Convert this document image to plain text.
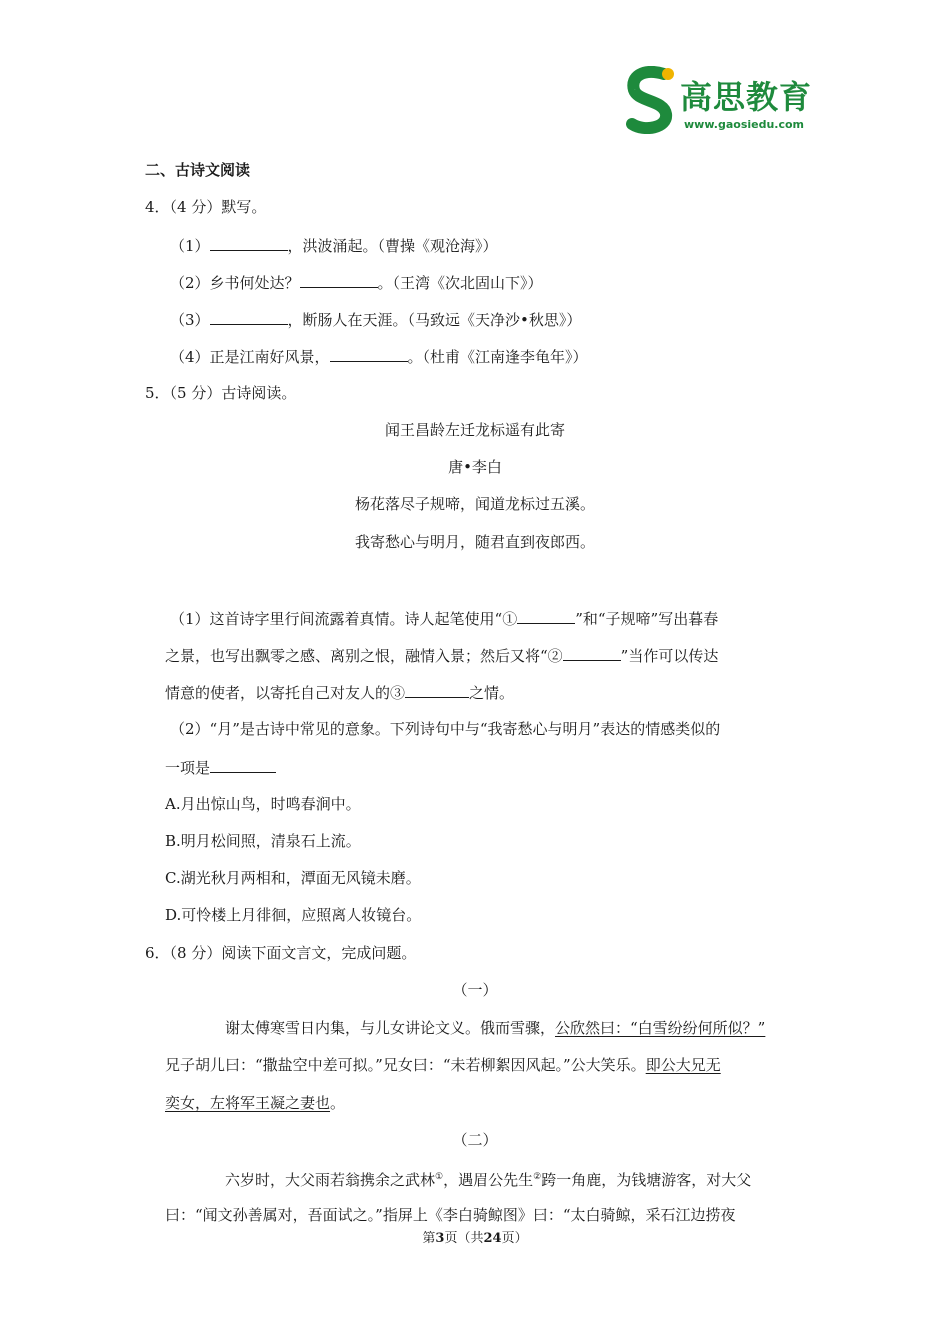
高思教育
www.gaosiedu.com
二、古诗文阅读
4．（4 分）默写。
（1）	，洪波涌起。（曹操《观沧海》）
（2）乡书何处达？	。（王湾《次北固山下》）
（3）	，断肠人在天涯。（马致远《天净沙•秋思》）
（4）正是江南好风景，	。（杜甫《江南逢李龟年》）
5．（5 分）古诗阅读。
闻王昌龄左迁龙标遥有此寄
唐•李白
杨花落尽子规啼，闻道龙标过五溪。
我寄愁心与明月，随君直到夜郎西。
（1）这首诗字里行间流露着真情。诗人起笔使用“①	”和“子规啼”写出暮春
之景，也写出飘零之感、离别之恨，融情入景；然后又将“②	”当作可以传达
情意的使者，以寄托自己对友人的③	之情。
（2）“月”是古诗中常见的意象。下列诗句中与“我寄愁心与明月”表达的情感类似的
一项是
A.月出惊山鸟，时鸣春涧中。
B.明月松间照，清泉石上流。
C.湖光秋月两相和，潭面无风镜未磨。
D.可怜楼上月徘徊，应照离人妆镜台。
6．（8 分）阅读下面文言文，完成问题。
（一）
谢太傅寒雪日内集，与儿女讲论文义。俄而雪骤，公欣然曰：“白雪纷纷何所似？”
兄子胡儿曰：“撒盐空中差可拟。”兄女曰：“未若柳絮因风起。”公大笑乐。即公大兄无
奕女，左将军王凝之妻也。
（二）
六岁时，大父雨若翁携余之武林①，遇眉公先生②跨一角鹿，为钱塘游客，对大父
曰：“闻文孙善属对，吾面试之。”指屏上《李白骑鲸图》曰：“太白骑鲸，采石江边捞夜
第3页（共24页）
